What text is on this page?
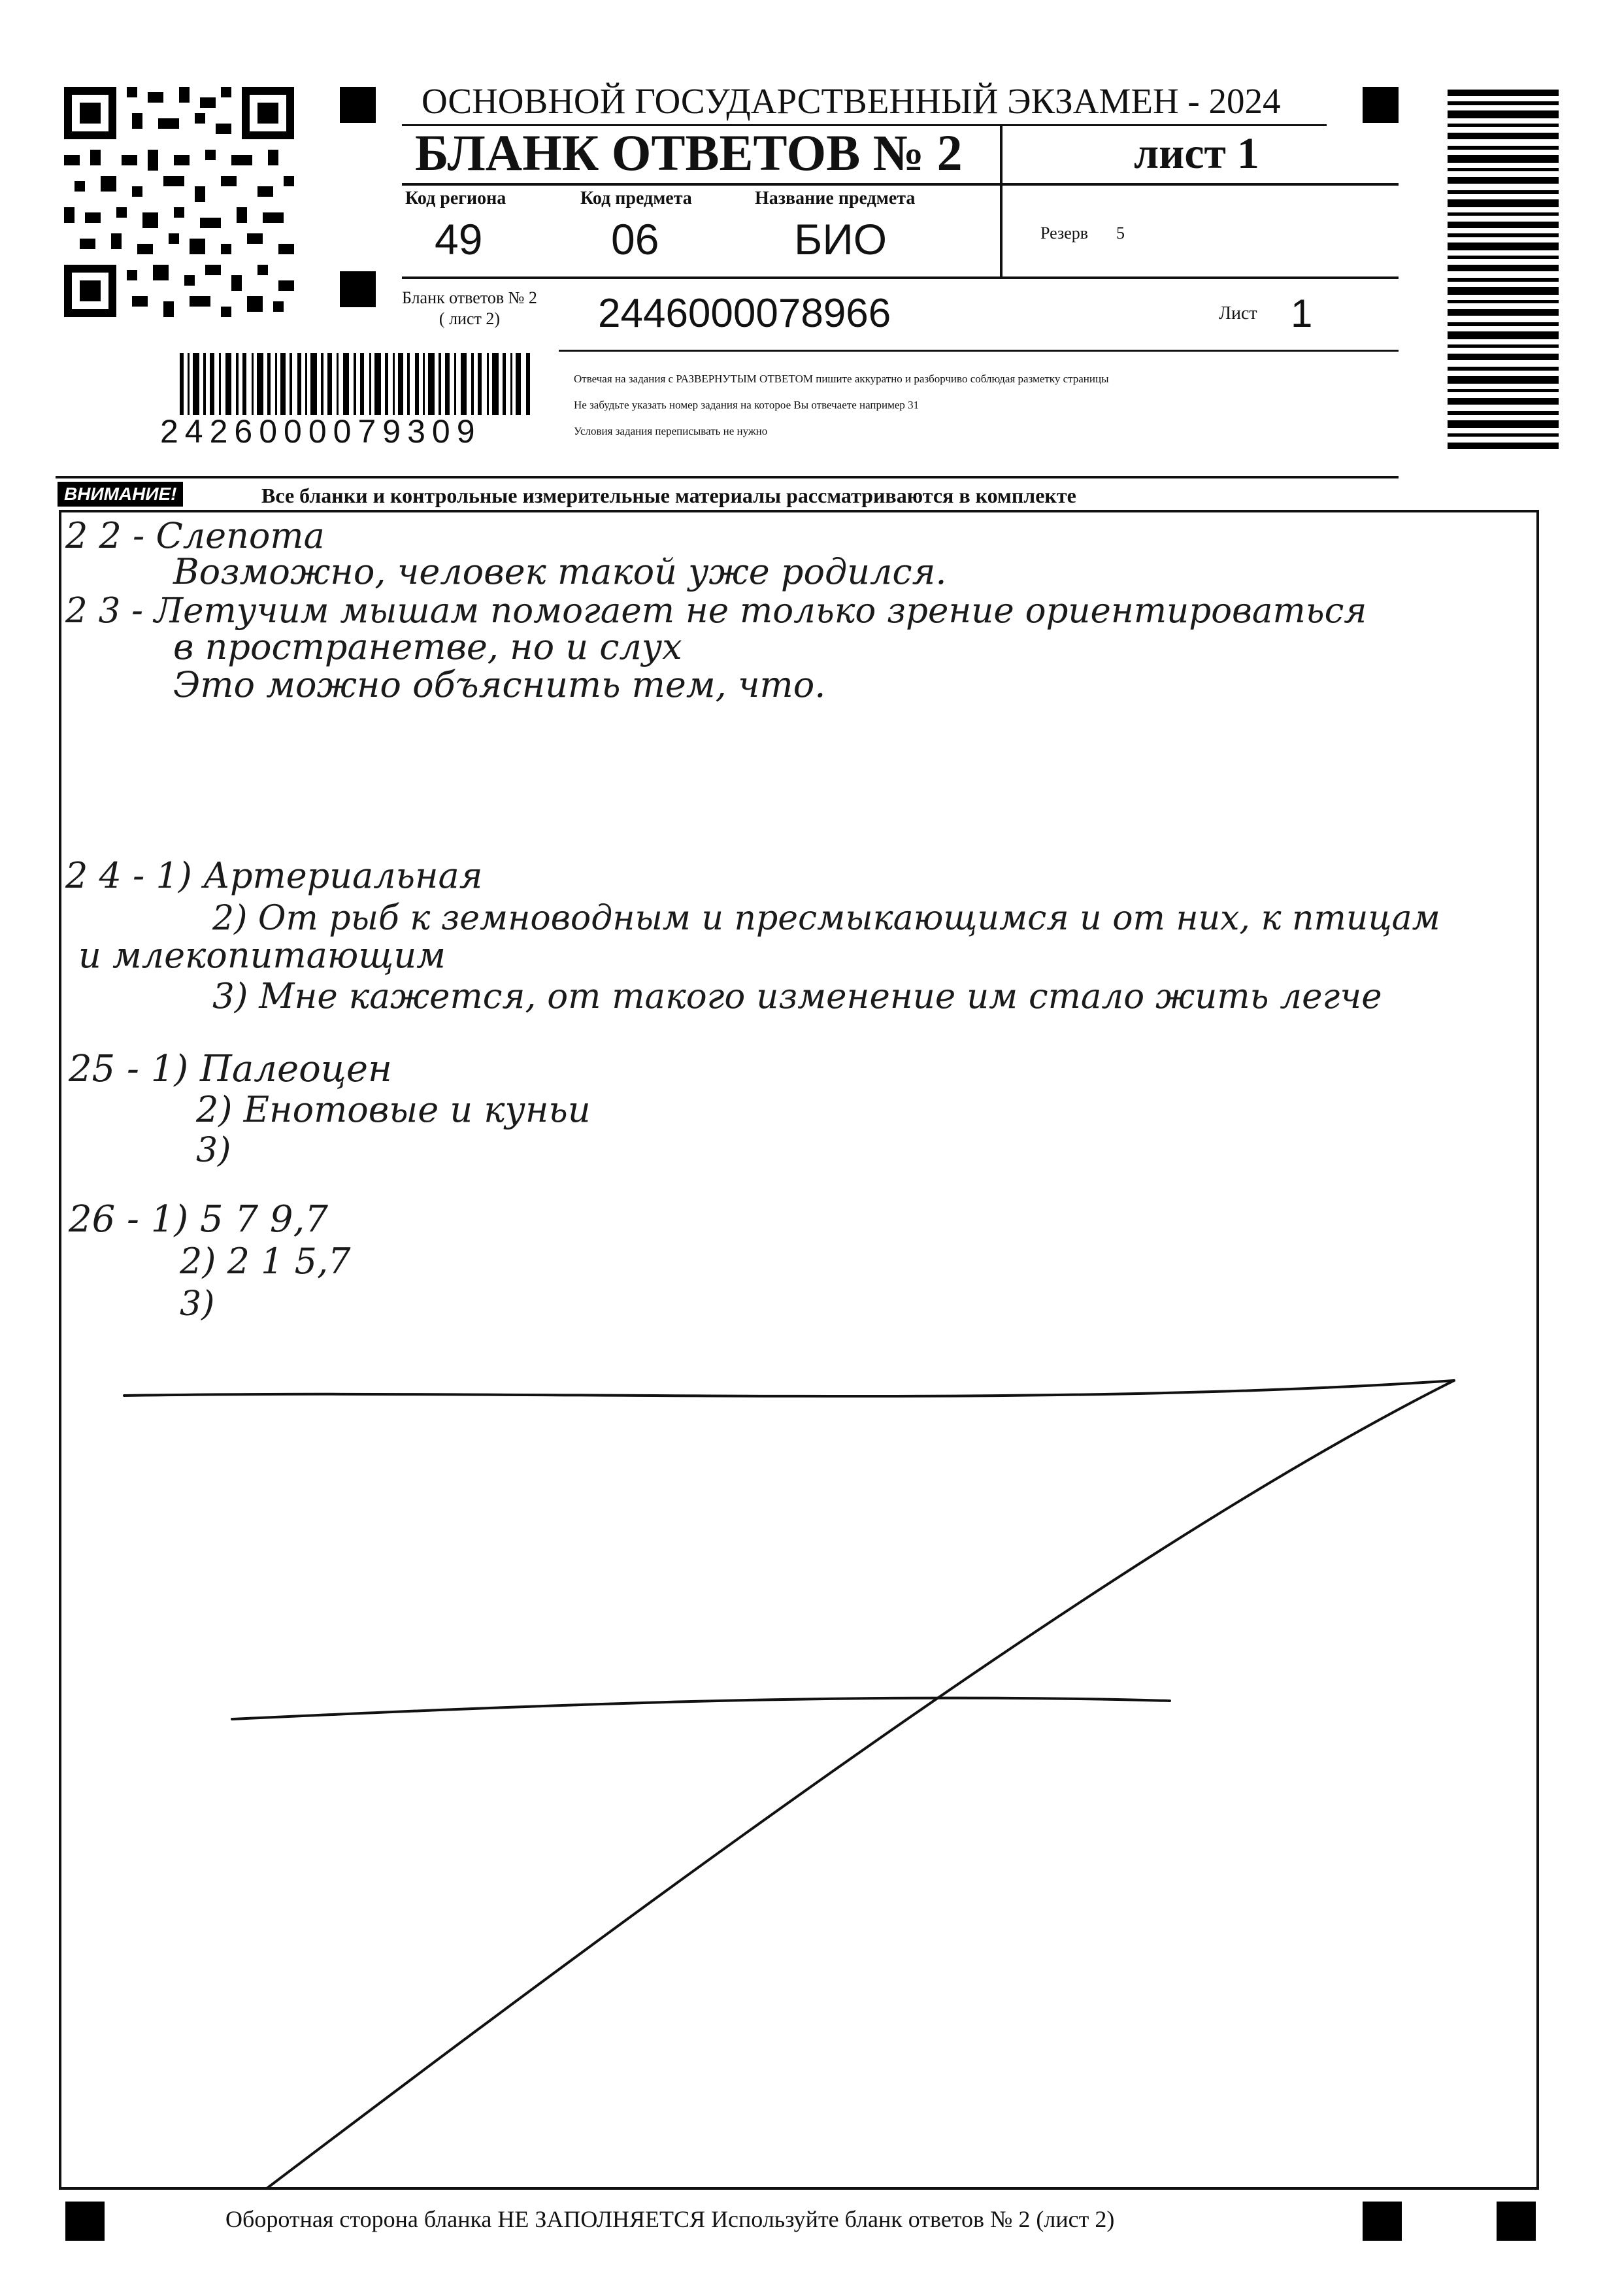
ОСНОВНОЙ ГОСУДАРСТВЕННЫЙ ЭКЗАМЕН - 2024
БЛАНК ОТВЕТОВ № 2	лист 1
Код региона
49
Код предмета
06
Название предмета
БИО	Резерв 5
Бланк ответов № 2
( лист 2)	2446000078966	Лист 1
2426000079309
Отвечая на задания с РАЗВЕРНУТЫМ ОТВЕТОМ пишите аккуратно и разборчиво соблюдая разметку страницы
Не забудьте указать номер задания на которое Вы отвечаете например 31
Условия задания переписывать не нужно
ВНИМАНИЕ!	Все бланки и контрольные измерительные материалы рассматриваются в комплекте
2 2 - Слепота
Возможно, человек такой уже родился.
2 3 - Летучим мышам помогает не только зрение ориентироваться
в пространетве, но и слух
Это можно объяснить тем, что.
2 4 - 1) Артериальная
2) От рыб к земноводным и пресмыкающимся и от них, к птицам
и млекопитающим
3) Мне кажется, от такого изменение им стало жить легче
25 - 1) Палеоцен
2) Енотовые и куньи
3)
26 - 1) 5 7 9,7
2) 2 1 5,7
3)
Оборотная сторона бланка НЕ ЗАПОЛНЯЕТСЯ Используйте бланк ответов № 2 (лист 2)
